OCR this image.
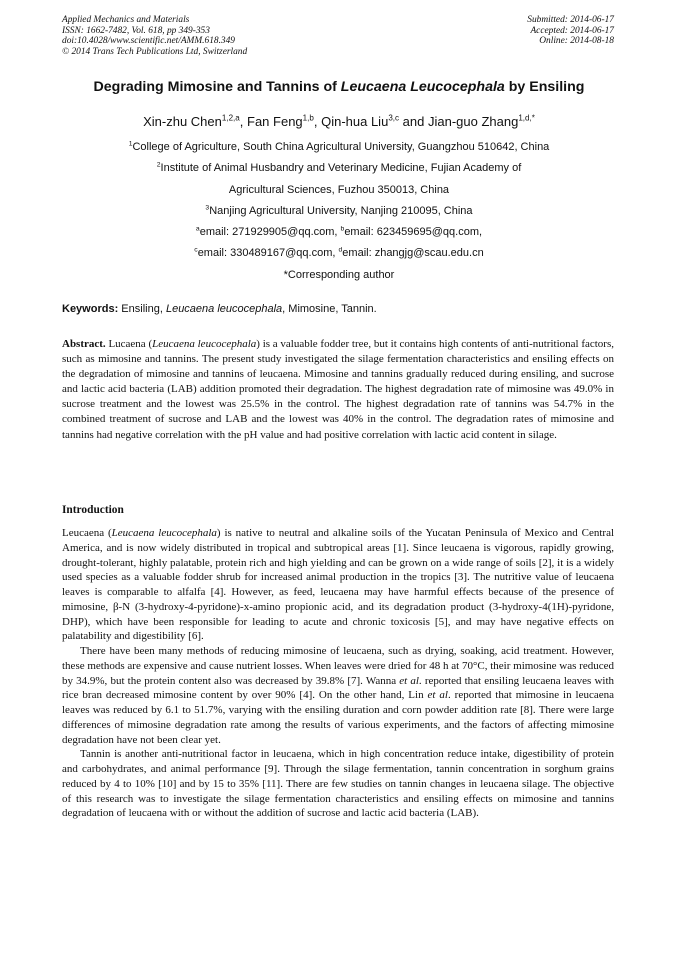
Applied Mechanics and Materials
ISSN: 1662-7482, Vol. 618, pp 349-353
doi:10.4028/www.scientific.net/AMM.618.349
© 2014 Trans Tech Publications Ltd, Switzerland
Submitted: 2014-06-17
Accepted: 2014-06-17
Online: 2014-08-18
Degrading Mimosine and Tannins of Leucaena Leucocephala by Ensiling
Xin-zhu Chen$^{1,2,a}$, Fan Feng$^{1,b}$, Qin-hua Liu$^{3,c}$ and Jian-guo Zhang$^{1,d,*}$
$^1$College of Agriculture, South China Agricultural University, Guangzhou 510642, China
$^2$Institute of Animal Husbandry and Veterinary Medicine, Fujian Academy of
Agricultural Sciences, Fuzhou 350013, China
$^3$Nanjing Agricultural University, Nanjing 210095, China
$^a$email: 271929905@qq.com, $^b$email: 623459695@qq.com,
$^c$email: 330489167@qq.com, $^d$email: zhangjg@scau.edu.cn
*Corresponding author
Keywords: Ensiling, Leucaena leucocephala, Mimosine, Tannin.
Abstract. Lucaena (Leucaena leucocephala) is a valuable fodder tree, but it contains high contents of anti-nutritional factors, such as mimosine and tannins. The present study investigated the silage fermentation characteristics and ensiling effects on the degradation of mimosine and tannins of leucaena. Mimosine and tannins gradually reduced during ensiling, and sucrose and lactic acid bacteria (LAB) addition promoted their degradation. The highest degradation rate of mimosine was 49.0% in sucrose treatment and the lowest was 25.5% in the control. The highest degradation rate of tannins was 54.7% in the combined treatment of sucrose and LAB and the lowest was 40% in the control. The degradation rates of mimosine and tannins had negative correlation with the pH value and had positive correlation with lactic acid content in silage.
Introduction

Leucaena (Leucaena leucocephala) is native to neutral and alkaline soils of the Yucatan Peninsula of Mexico and Central America, and is now widely distributed in tropical and subtropical areas [1]. Since leucaena is vigorous, rapidly growing, drought-tolerant, highly palatable, protein rich and high yielding and can be grown on a wide range of soils [2], it is a widely used species as a valuable fodder shrub for increased animal production in the tropics [3]. The nutritive value of leucaena leaves is comparable to alfalfa [4]. However, as feed, leucaena may have harmful effects because of the presence of mimosine, β-N (3-hydroxy-4-pyridone)-x-amino propionic acid, and its degradation product (3-hydroxy-4(1H)-pyridone, DHP), which have been responsible for leading to acute and chronic toxicosis [5], and may have negative effects on palatability and digestibility [6].

There have been many methods of reducing mimosine of leucaena, such as drying, soaking, acid treatment. However, these methods are expensive and cause nutrient losses. When leaves were dried for 48 h at 70°C, their mimosine was reduced by 34.9%, but the protein content also was decreased by 39.8% [7]. Wanna et al. reported that ensiling leucaena leaves with rice bran decreased mimosine content by over 90% [4]. On the other hand, Lin et al. reported that mimosine in leucaena leaves was reduced by 6.1 to 51.7%, varying with the ensiling duration and corn powder addition rate [8]. There were large differences of mimosine degradation rate among the results of various experiments, and the factors of affecting mimosine degradation have not been clear yet.

Tannin is another anti-nutritional factor in leucaena, which in high concentration reduce intake, digestibility of protein and carbohydrates, and animal performance [9]. Through the silage fermentation, tannin concentration in sorghum grains reduced by 4 to 10% [10] and by 15 to 35% [11]. There are few studies on tannin changes in leucaena silage. The objective of this research was to investigate the silage fermentation characteristics and ensiling effects on mimosine and tannins degradation of leucaena with or without the addition of sucrose and lactic acid bacteria (LAB).
